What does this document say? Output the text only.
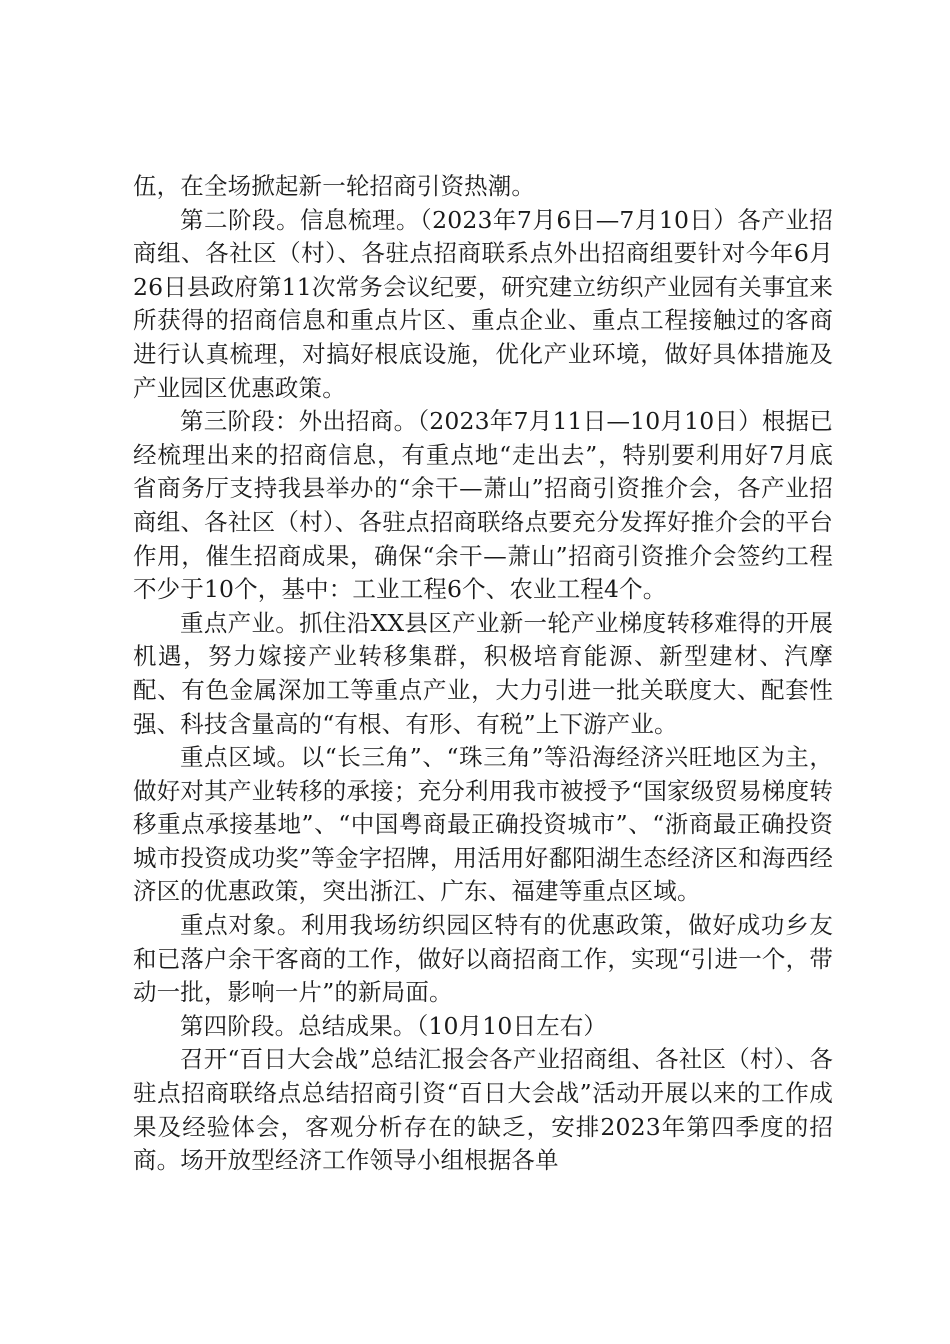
伍，在全场掀起新一轮招商引资热潮。

第二阶段。信息梳理。（2023年7月6日—7月10日）各产业招商组、各社区（村）、各驻点招商联系点外出招商组要针对今年6月26日县政府第11次常务会议纪要，研究建立纺织产业园有关事宜来所获得的招商信息和重点片区、重点企业、重点工程接触过的客商进行认真梳理，对搞好根底设施，优化产业环境，做好具体措施及产业园区优惠政策。

第三阶段：外出招商。（2023年7月11日—10月10日）根据已经梳理出来的招商信息，有重点地“走出去”，特别要利用好7月底省商务厅支持我县举办的“余干—萧山”招商引资推介会，各产业招商组、各社区（村）、各驻点招商联络点要充分发挥好推介会的平台作用，催生招商成果，确保“余干—萧山”招商引资推介会签约工程不少于10个，基中：工业工程6个、农业工程4个。

重点产业。抓住沿XX县区产业新一轮产业梯度转移难得的开展机遇，努力嫁接产业转移集群，积极培育能源、新型建材、汽摩配、有色金属深加工等重点产业，大力引进一批关联度大、配套性强、科技含量高的“有根、有形、有税”上下游产业。

重点区域。以“长三角”、“珠三角”等沿海经济兴旺地区为主，做好对其产业转移的承接；充分利用我市被授予“国家级贸易梯度转移重点承接基地”、“中国粤商最正确投资城市”、“浙商最正确投资城市投资成功奖”等金字招牌，用活用好鄱阳湖生态经济区和海西经济区的优惠政策，突出浙江、广东、福建等重点区域。

重点对象。利用我场纺织园区特有的优惠政策，做好成功乡友和已落户余干客商的工作，做好以商招商工作，实现“引进一个，带动一批，影响一片”的新局面。

第四阶段。总结成果。（10月10日左右）

召开“百日大会战”总结汇报会各产业招商组、各社区（村）、各驻点招商联络点总结招商引资“百日大会战”活动开展以来的工作成果及经验体会，客观分析存在的缺乏，安排2023年第四季度的招商。场开放型经济工作领导小组根据各单
